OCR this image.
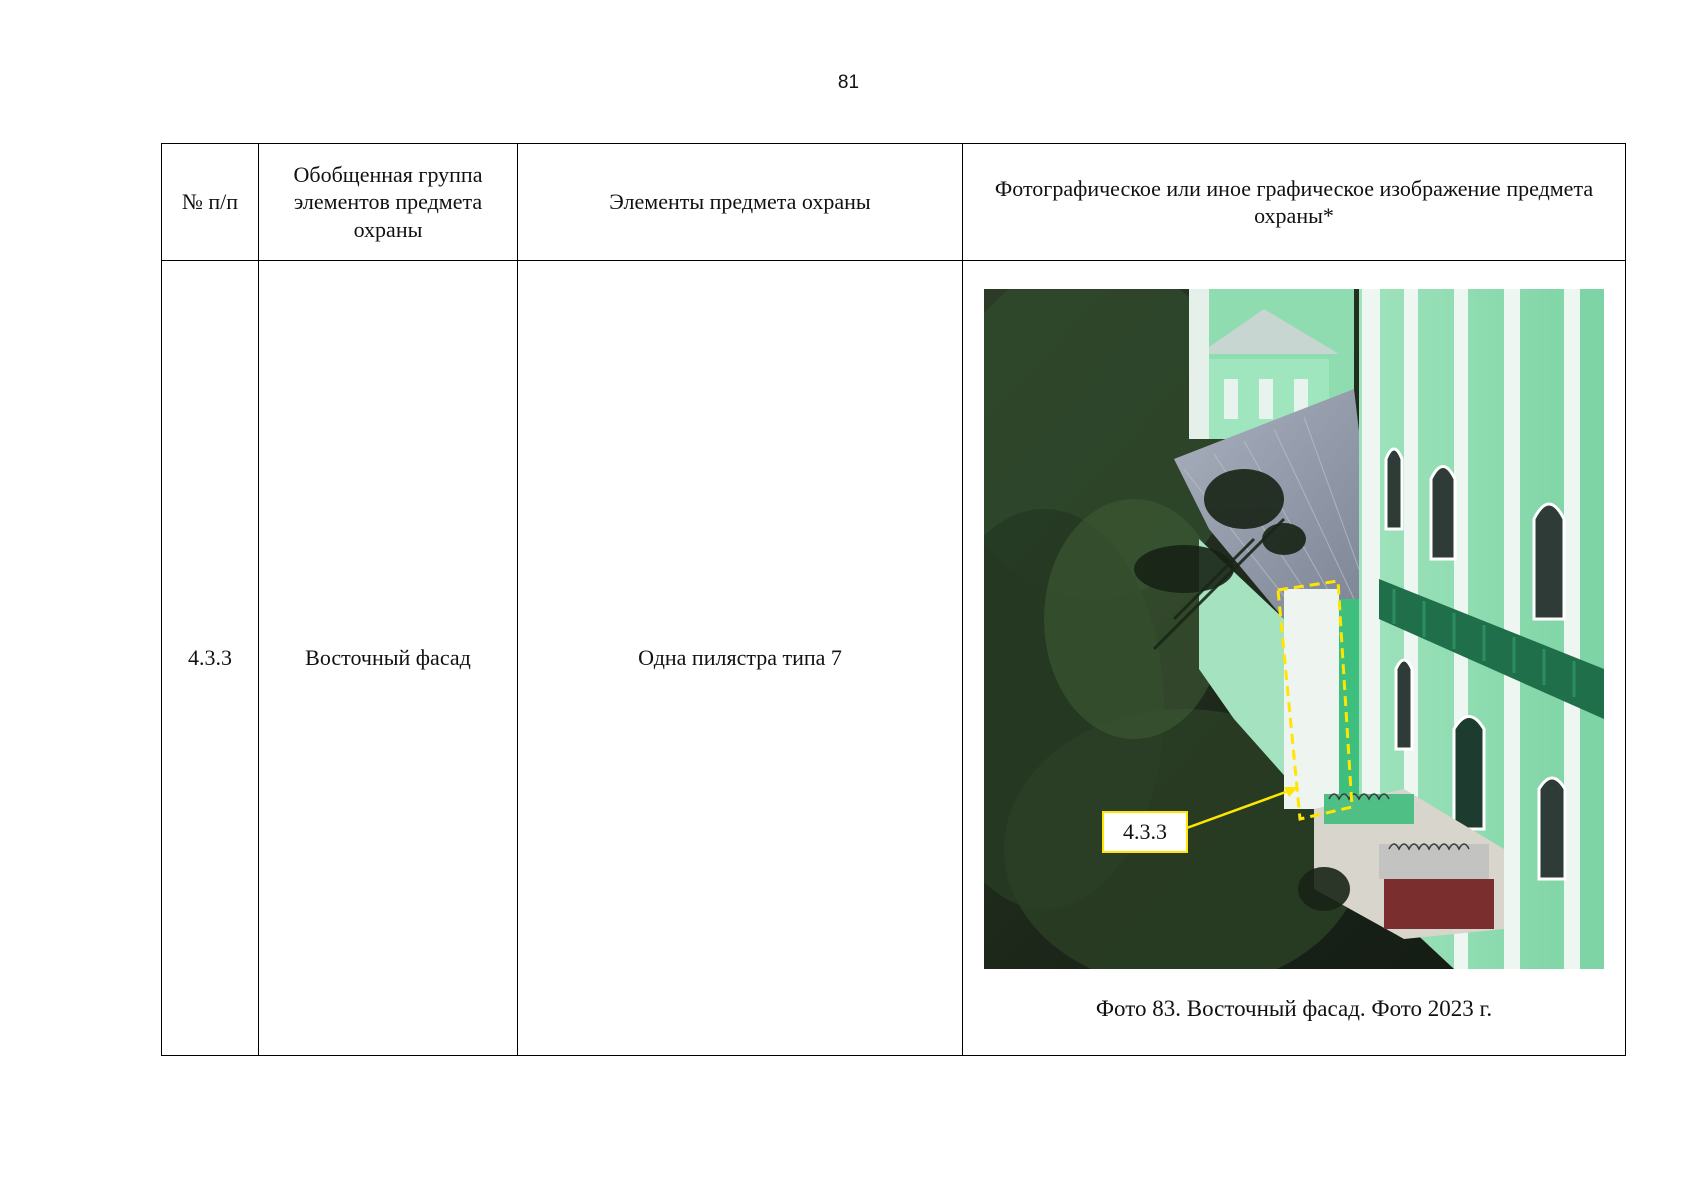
81
№ п/п	Обобщенная группа элементов предмета охраны	Элементы предмета охраны	Фотографическое или иное графическое изображение предмета охраны*
4.3.3	Восточный фасад	Одна пилястра типа 7	4.3.3
Фото 83. Восточный фасад. Фото 2023 г.
